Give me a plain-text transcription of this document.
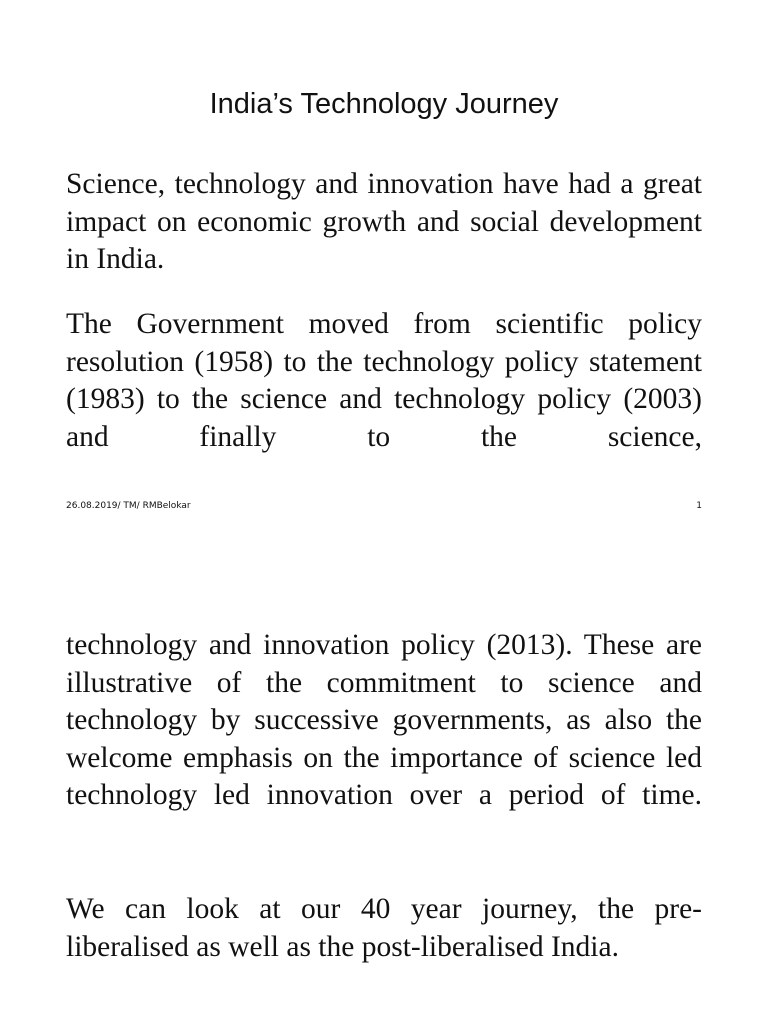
India’s Technology Journey

Science, technology and innovation have had a great impact on economic growth and social development in India.

The Government moved from scientific policy resolution (1958) to the technology policy statement (1983) to the science and technology policy (2003) and finally to the science,

26.08.2019/ TM/ RMBelokar	1

technology and innovation policy (2013). These are illustrative of the commitment to science and technology by successive governments, as also the welcome emphasis on the importance of science led technology led innovation over a period of time.

We can look at our 40 year journey, the pre-liberalised as well as the post-liberalised India.
